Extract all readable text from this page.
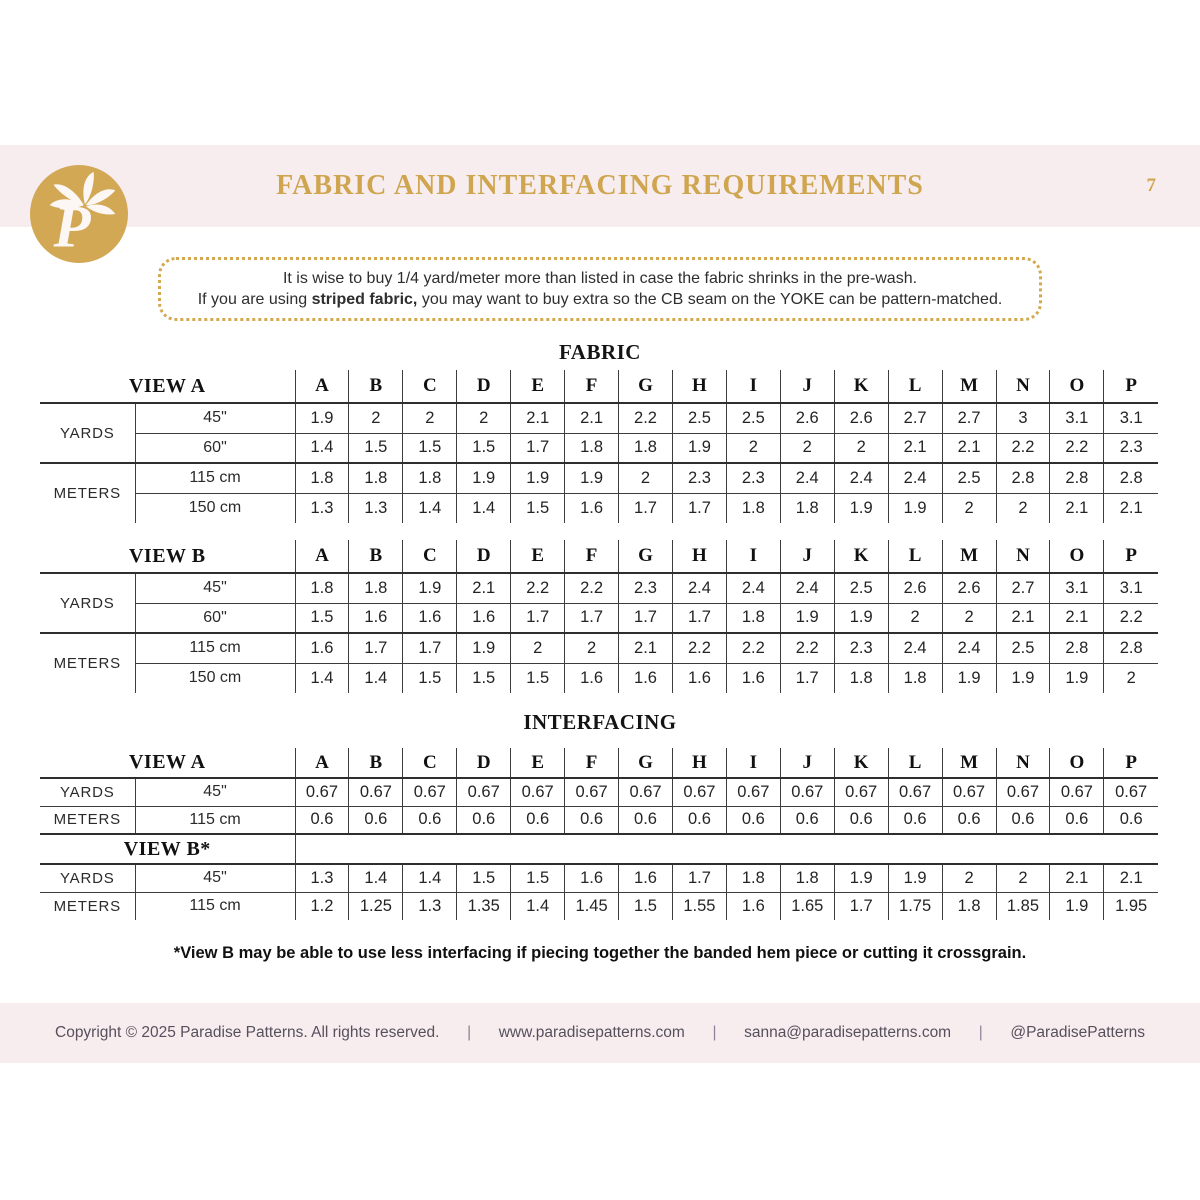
FABRIC AND INTERFACING REQUIREMENTS	7
P
It is wise to buy 1/4 yard/meter more than listed in case the fabric shrinks in the pre-wash.
If you are using striped fabric, you may want to buy extra so the CB seam on the YOKE can be pattern-matched.
FABRIC
VIEW A		A	B	C	D	E	F	G	H	I	J	K	L	M	N	O	P
YARDS	45"	1.9	2	2	2	2.1	2.1	2.2	2.5	2.5	2.6	2.6	2.7	2.7	3	3.1	3.1
	60"	1.4	1.5	1.5	1.5	1.7	1.8	1.8	1.9	2	2	2	2.1	2.1	2.2	2.2	2.3
METERS	115 cm	1.8	1.8	1.8	1.9	1.9	1.9	2	2.3	2.3	2.4	2.4	2.4	2.5	2.8	2.8	2.8
	150 cm	1.3	1.3	1.4	1.4	1.5	1.6	1.7	1.7	1.8	1.8	1.9	1.9	2	2	2.1	2.1
VIEW B		A	B	C	D	E	F	G	H	I	J	K	L	M	N	O	P
YARDS	45"	1.8	1.8	1.9	2.1	2.2	2.2	2.3	2.4	2.4	2.4	2.5	2.6	2.6	2.7	3.1	3.1
	60"	1.5	1.6	1.6	1.6	1.7	1.7	1.7	1.7	1.8	1.9	1.9	2	2	2.1	2.1	2.2
METERS	115 cm	1.6	1.7	1.7	1.9	2	2	2.1	2.2	2.2	2.2	2.3	2.4	2.4	2.5	2.8	2.8
	150 cm	1.4	1.4	1.5	1.5	1.5	1.6	1.6	1.6	1.6	1.7	1.8	1.8	1.9	1.9	1.9	2
INTERFACING
VIEW A		A	B	C	D	E	F	G	H	I	J	K	L	M	N	O	P
YARDS	45"	0.67	0.67	0.67	0.67	0.67	0.67	0.67	0.67	0.67	0.67	0.67	0.67	0.67	0.67	0.67	0.67
METERS	115 cm	0.6	0.6	0.6	0.6	0.6	0.6	0.6	0.6	0.6	0.6	0.6	0.6	0.6	0.6	0.6	0.6
VIEW B*																	
YARDS	45"	1.3	1.4	1.4	1.5	1.5	1.6	1.6	1.7	1.8	1.8	1.9	1.9	2	2	2.1	2.1
METERS	115 cm	1.2	1.25	1.3	1.35	1.4	1.45	1.5	1.55	1.6	1.65	1.7	1.75	1.8	1.85	1.9	1.95
*View B may be able to use less interfacing if piecing together the banded hem piece or cutting it crossgrain.
Copyright © 2025 Paradise Patterns. All rights reserved. | www.paradisepatterns.com | sanna@paradisepatterns.com | @ParadisePatterns
